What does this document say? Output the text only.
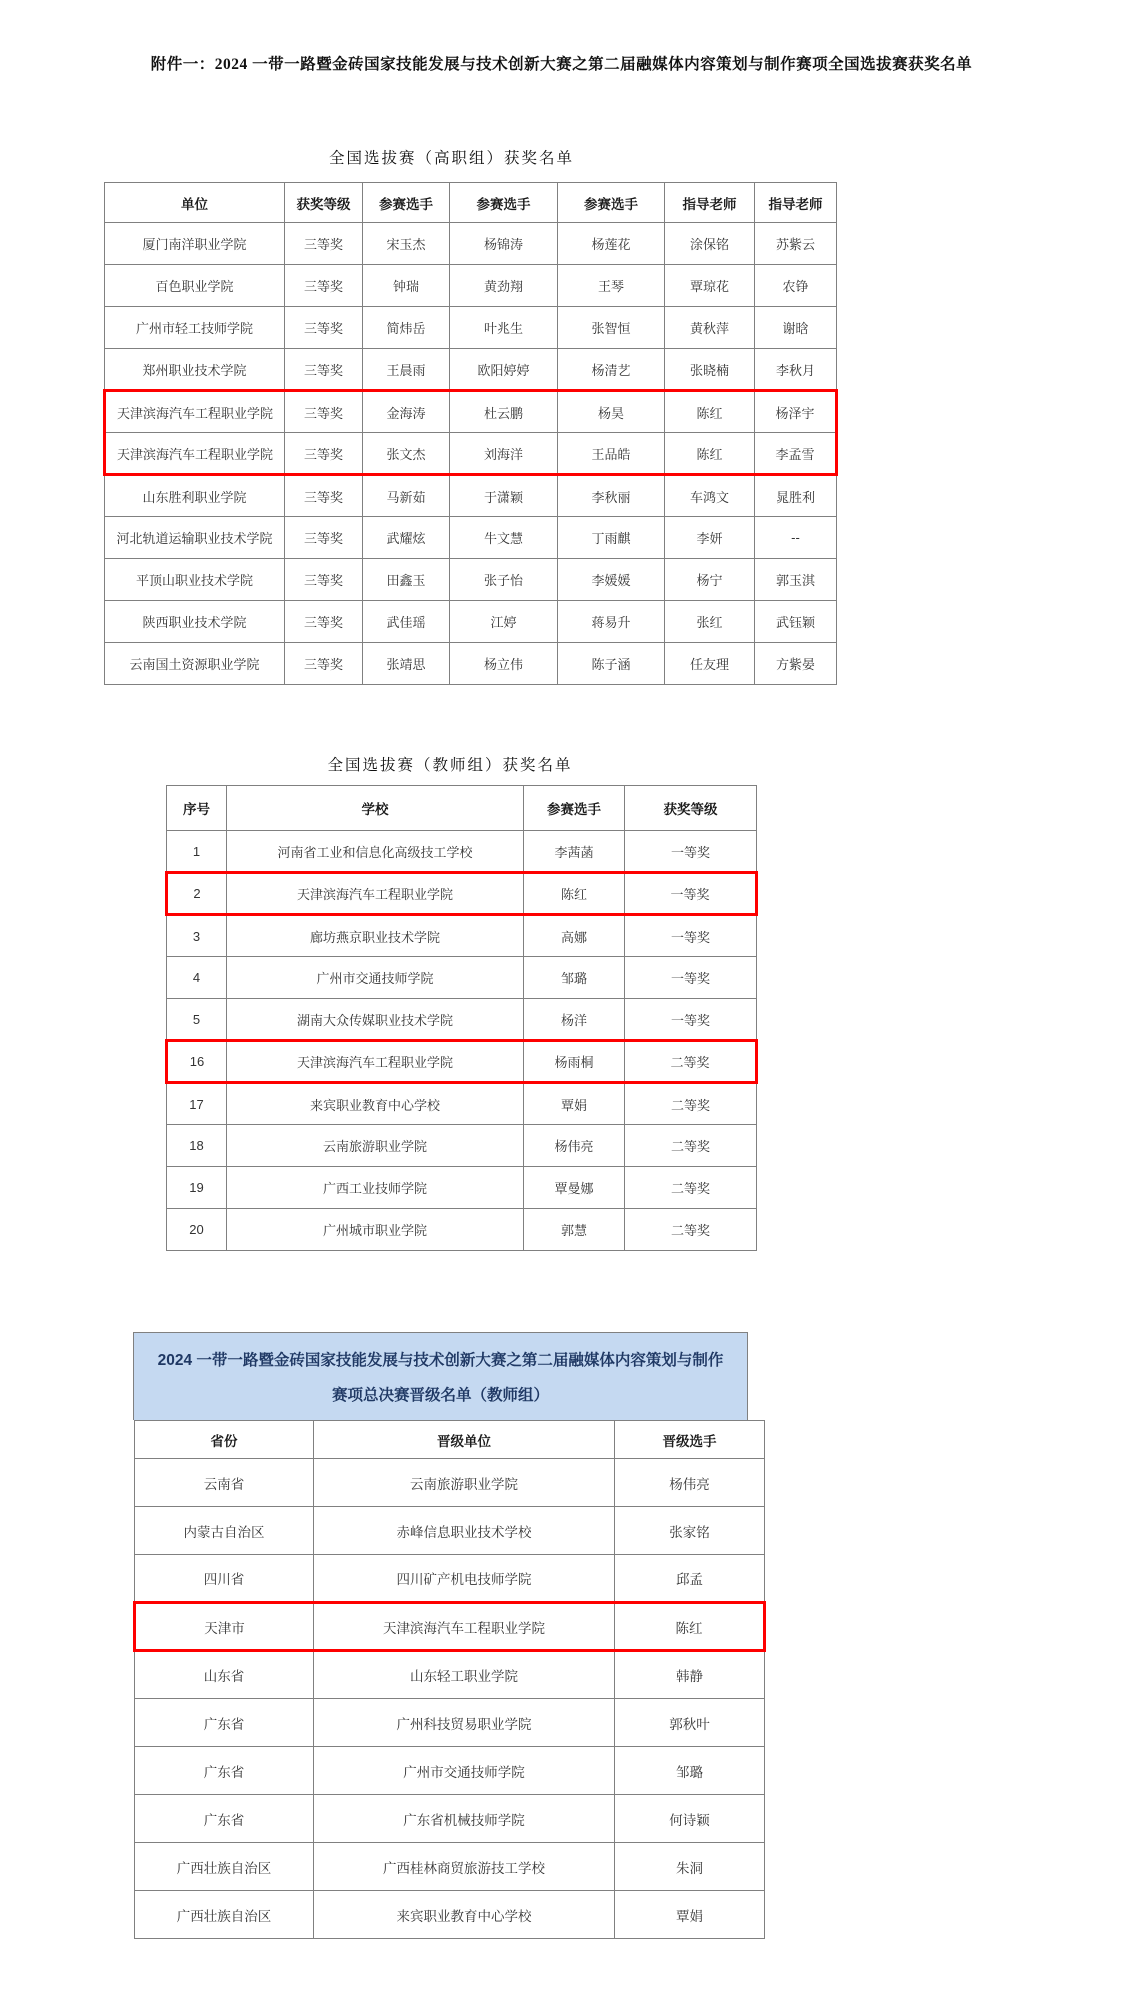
附件一：2024 一带一路暨金砖国家技能发展与技术创新大赛之第二届融媒体内容策划与制作赛项全国选拔赛获奖名单
全国选拔赛（高职组）获奖名单
单位	获奖等级	参赛选手	参赛选手	参赛选手	指导老师	指导老师
厦门南洋职业学院	三等奖	宋玉杰	杨锦涛	杨莲花	涂保铭	苏紫云
百色职业学院	三等奖	钟瑞	黄劲翔	王琴	覃琼花	农铮
广州市轻工技师学院	三等奖	简炜岳	叶兆生	张智恒	黄秋萍	谢晗
郑州职业技术学院	三等奖	王晨雨	欧阳婷婷	杨清艺	张晓楠	李秋月
天津滨海汽车工程职业学院	三等奖	金海涛	杜云鹏	杨昊	陈红	杨泽宇
天津滨海汽车工程职业学院	三等奖	张文杰	刘海洋	王品皓	陈红	李孟雪
山东胜利职业学院	三等奖	马新茹	于潇颖	李秋丽	车鸿文	晁胜利
河北轨道运输职业技术学院	三等奖	武耀炫	牛文慧	丁雨麒	李妍	--
平顶山职业技术学院	三等奖	田鑫玉	张子怡	李媛媛	杨宁	郭玉淇
陕西职业技术学院	三等奖	武佳瑶	江婷	蒋易升	张红	武钰颖
云南国土资源职业学院	三等奖	张靖思	杨立伟	陈子涵	任友理	方紫晏
全国选拔赛（教师组）获奖名单
序号	学校	参赛选手	获奖等级
1	河南省工业和信息化高级技工学校	李茜菡	一等奖
2	天津滨海汽车工程职业学院	陈红	一等奖
3	廊坊燕京职业技术学院	高娜	一等奖
4	广州市交通技师学院	邹璐	一等奖
5	湖南大众传媒职业技术学院	杨洋	一等奖
16	天津滨海汽车工程职业学院	杨雨桐	二等奖
17	来宾职业教育中心学校	覃娟	二等奖
18	云南旅游职业学院	杨伟亮	二等奖
19	广西工业技师学院	覃曼娜	二等奖
20	广州城市职业学院	郭慧	二等奖
2024 一带一路暨金砖国家技能发展与技术创新大赛之第二届融媒体内容策划与制作
赛项总决赛晋级名单（教师组）
省份	晋级单位	晋级选手
云南省	云南旅游职业学院	杨伟亮
内蒙古自治区	赤峰信息职业技术学校	张家铭
四川省	四川矿产机电技师学院	邱孟
天津市	天津滨海汽车工程职业学院	陈红
山东省	山东轻工职业学院	韩静
广东省	广州科技贸易职业学院	郭秋叶
广东省	广州市交通技师学院	邹璐
广东省	广东省机械技师学院	何诗颖
广西壮族自治区	广西桂林商贸旅游技工学校	朱洞
广西壮族自治区	来宾职业教育中心学校	覃娟
